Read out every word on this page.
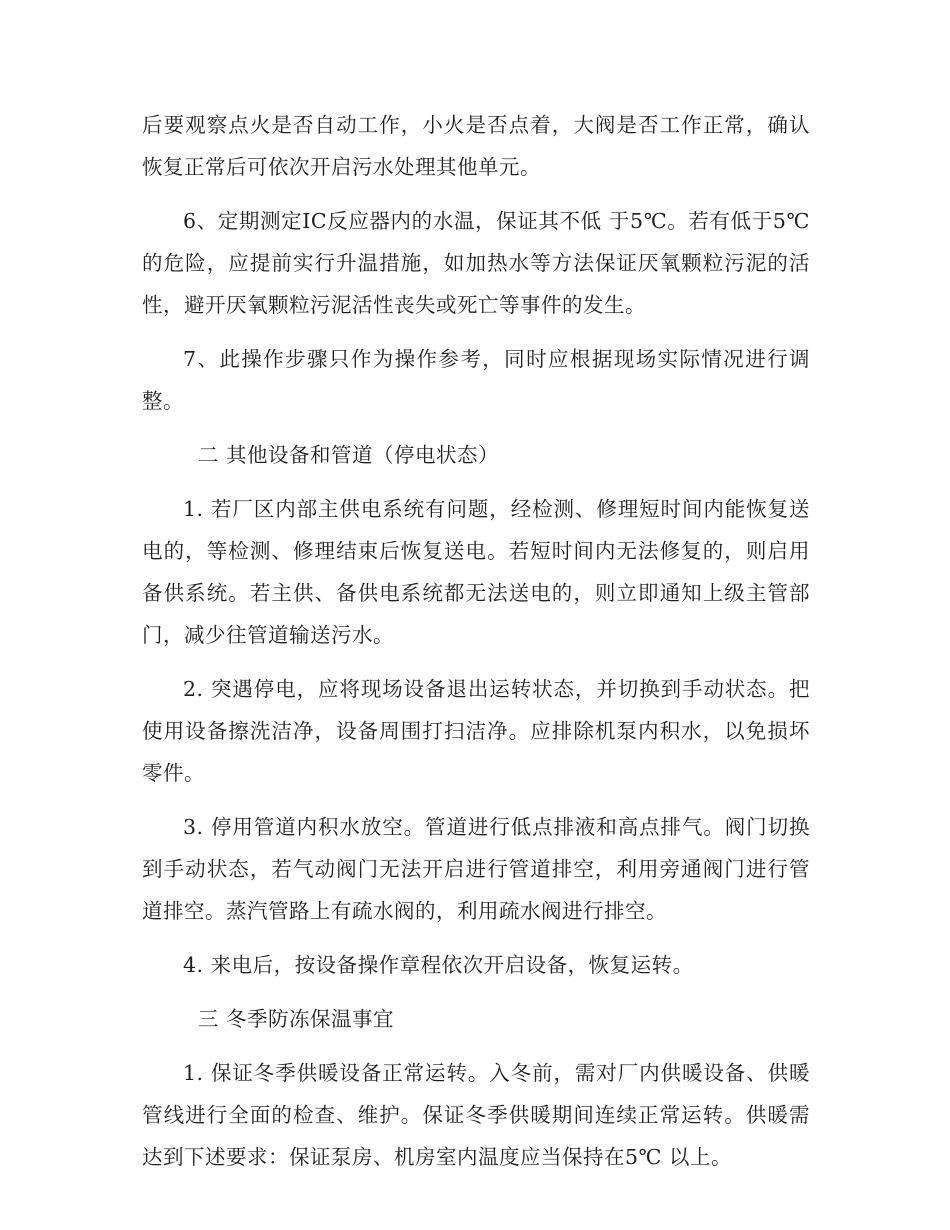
后要观察点火是否自动工作，小火是否点着，大阀是否工作正常，确认恢复正常后可依次开启污水处理其他单元。

6、定期测定IC反应器内的水温，保证其不低 于5℃。若有低于5℃的危险，应提前实行升温措施，如加热水等方法保证厌氧颗粒污泥的活性，避开厌氧颗粒污泥活性丧失或死亡等事件的发生。

7、此操作步骤只作为操作参考，同时应根据现场实际情况进行调整。

二 其他设备和管道（停电状态）

1. 若厂区内部主供电系统有问题，经检测、修理短时间内能恢复送电的，等检测、修理结束后恢复送电。若短时间内无法修复的，则启用备供系统。若主供、备供电系统都无法送电的，则立即通知上级主管部门，减少往管道输送污水。

2. 突遇停电，应将现场设备退出运转状态，并切换到手动状态。把使用设备擦洗洁净，设备周围打扫洁净。应排除机泵内积水，以免损坏零件。

3. 停用管道内积水放空。管道进行低点排液和高点排气。阀门切换到手动状态，若气动阀门无法开启进行管道排空，利用旁通阀门进行管道排空。蒸汽管路上有疏水阀的，利用疏水阀进行排空。

4. 来电后，按设备操作章程依次开启设备，恢复运转。

三 冬季防冻保温事宜

1. 保证冬季供暖设备正常运转。入冬前，需对厂内供暖设备、供暖管线进行全面的检查、维护。保证冬季供暖期间连续正常运转。供暖需达到下述要求：保证泵房、机房室内温度应当保持在5℃ 以上。
